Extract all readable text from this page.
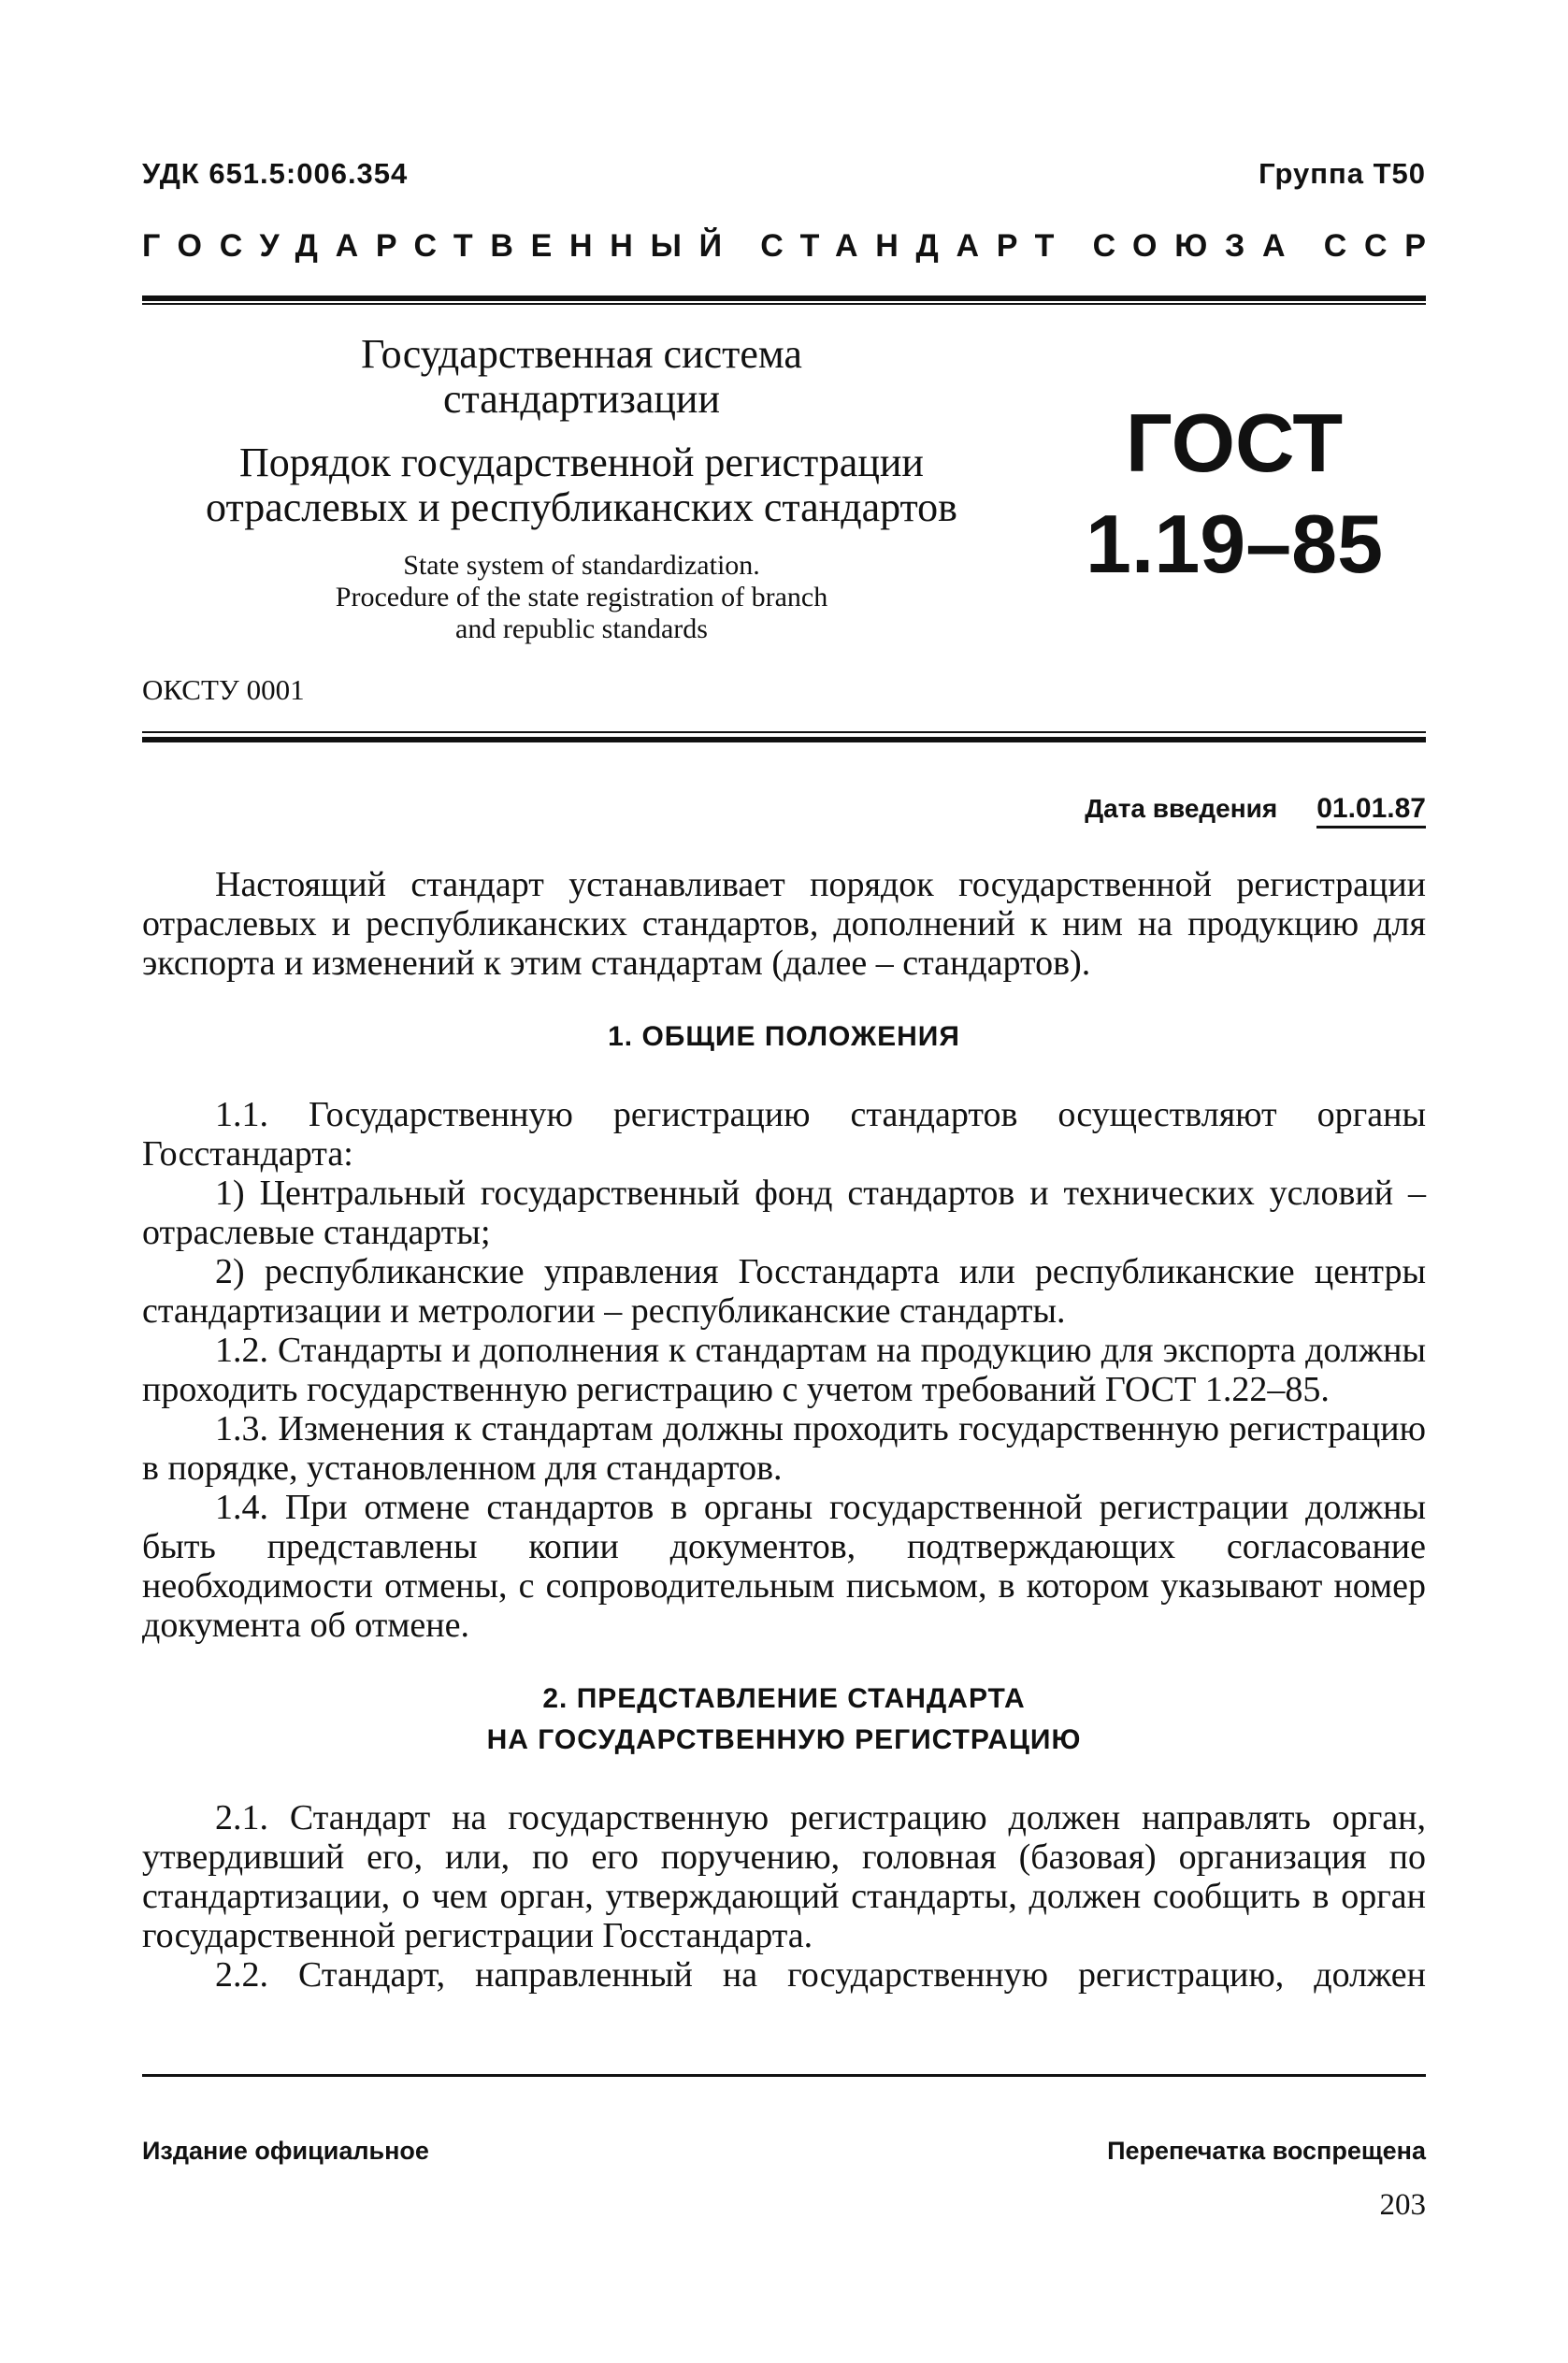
УДК 651.5:006.354	Группа Т50
ГОСУДАРСТВЕННЫЙ СТАНДАРТ СОЮЗА ССР
Государственная система
стандартизации
Порядок государственной регистрации
отраслевых и республиканских стандартов
State system of standardization.
Procedure of the state registration of branch
and republic standards
ГОСТ
1.19–85
ОКСТУ 0001
Дата введения 01.01.87

Настоящий стандарт устанавливает порядок государственной регистрации отраслевых и республиканских стандартов, дополнений к ним на продукцию для экспорта и изменений к этим стандартам (далее – стандартов).

1. ОБЩИЕ ПОЛОЖЕНИЯ

1.1. Государственную регистрацию стандартов осуществляют органы Госстандарта:

1) Центральный государственный фонд стандартов и технических условий – отраслевые стандарты;

2) республиканские управления Госстандарта или республиканские центры стандартизации и метрологии – республиканские стандарты.

1.2. Стандарты и дополнения к стандартам на продукцию для экспорта должны проходить государственную регистрацию с учетом требований ГОСТ 1.22–85.

1.3. Изменения к стандартам должны проходить государственную регистрацию в порядке, установленном для стандартов.

1.4. При отмене стандартов в органы государственной регистрации должны быть представлены копии документов, подтверждающих согласование необходимости отмены, с сопроводительным письмом, в котором указывают номер документа об отмене.

2. ПРЕДСТАВЛЕНИЕ СТАНДАРТА
НА ГОСУДАРСТВЕННУЮ РЕГИСТРАЦИЮ

2.1. Стандарт на государственную регистрацию должен направлять орган, утвердивший его, или, по его поручению, головная (базовая) организация по стандартизации, о чем орган, утверждающий стандарты, должен сообщить в орган государственной регистрации Госстандарта.

2.2. Стандарт, направленный на государственную регистрацию, должен

Издание официальное	Перепечатка воспрещена
203
